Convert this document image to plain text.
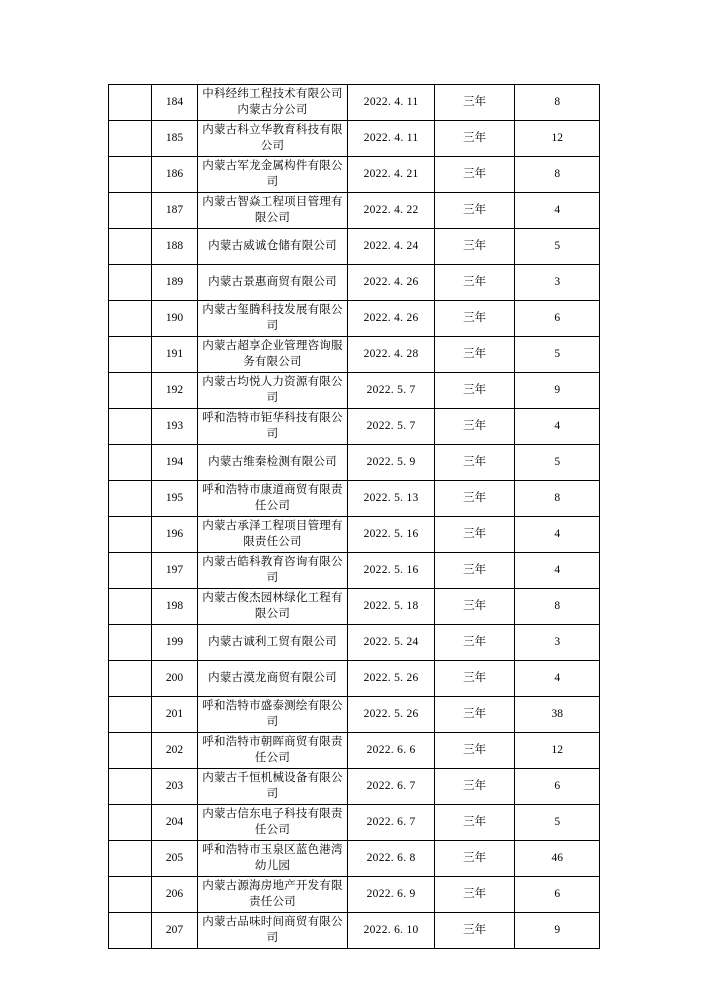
	184	中科经纬工程技术有限公司内蒙古分公司	2022. 4. 11	三年	8
	185	内蒙古科立华教育科技有限公司	2022. 4. 11	三年	12
	186	内蒙古军龙金属构件有限公司	2022. 4. 21	三年	8
	187	内蒙古智焱工程项目管理有限公司	2022. 4. 22	三年	4
	188	内蒙古威诚仓储有限公司	2022. 4. 24	三年	5
	189	内蒙古景惠商贸有限公司	2022. 4. 26	三年	3
	190	内蒙古玺腾科技发展有限公司	2022. 4. 26	三年	6
	191	内蒙古超享企业管理咨询服务有限公司	2022. 4. 28	三年	5
	192	内蒙古均悦人力资源有限公司	2022. 5. 7	三年	9
	193	呼和浩特市钜华科技有限公司	2022. 5. 7	三年	4
	194	内蒙古维秦检测有限公司	2022. 5. 9	三年	5
	195	呼和浩特市康道商贸有限责任公司	2022. 5. 13	三年	8
	196	内蒙古承泽工程项目管理有限责任公司	2022. 5. 16	三年	4
	197	内蒙古皓科教育咨询有限公司	2022. 5. 16	三年	4
	198	内蒙古俊杰园林绿化工程有限公司	2022. 5. 18	三年	8
	199	内蒙古诚利工贸有限公司	2022. 5. 24	三年	3
	200	内蒙古漠龙商贸有限公司	2022. 5. 26	三年	4
	201	呼和浩特市盛泰测绘有限公司	2022. 5. 26	三年	38
	202	呼和浩特市朝晖商贸有限责任公司	2022. 6. 6	三年	12
	203	内蒙古千恒机械设备有限公司	2022. 6. 7	三年	6
	204	内蒙古信东电子科技有限责任公司	2022. 6. 7	三年	5
	205	呼和浩特市玉泉区蓝色港湾幼儿园	2022. 6. 8	三年	46
	206	内蒙古源海房地产开发有限责任公司	2022. 6. 9	三年	6
	207	内蒙古品味时间商贸有限公司	2022. 6. 10	三年	9
